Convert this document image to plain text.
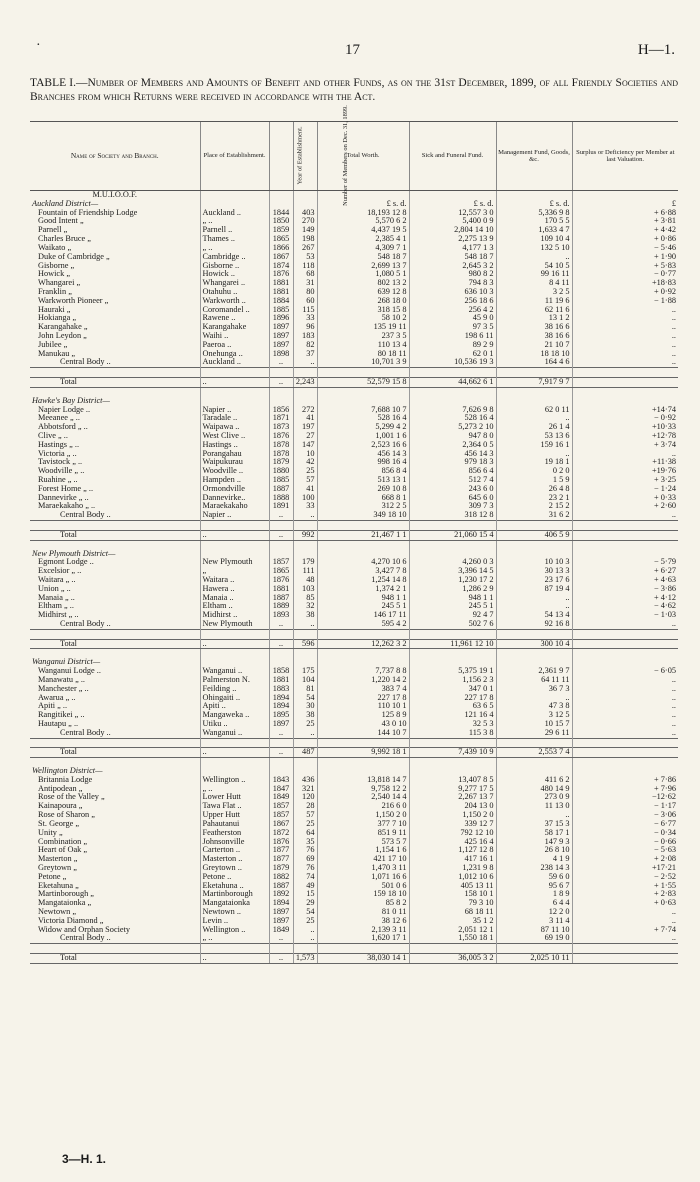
·	17	H—1.
TABLE I.—Number of Members and Amounts of Benefit and other Funds, as on the 31st December, 1899, of all Friendly Societies and Branches from which Returns were received in accordance with the Act.
Name of Society and Branch.	Place of Establishment.	Year of Establishment.	Number of Members on Dec. 31, 1899.	Total Worth.	Sick and Funeral Fund.	Management Fund, Goods, &c.	Surplus or Deficiency per Member at last Valuation.
M.U.I.O.O.F.							
Auckland District—				£ s. d.	£ s. d.	£ s. d.	£
Fountain of Friendship Lodge	Auckland ..	1844	403	18,193 12 8	12,557 3 0	5,336 9 8	+ 6·88
Good Intent „	„ ..	1850	270	5,570 6 2	5,400 0 9	170 5 5	+ 3·81
Parnell „	Parnell ..	1859	149	4,437 19 5	2,804 14 10	1,633 4 7	+ 4·42
Charles Bruce „	Thames ..	1865	198	2,385 4 1	2,275 13 9	109 10 4	+ 0·86
Waikato „	„ ..	1866	267	4,309 7 1	4,177 1 3	132 5 10	− 5·46
Duke of Cambridge „	Cambridge ..	1867	53	548 18 7	548 18 7	..	+ 1·90
Gisborne „	Gisborne ..	1874	118	2,699 13 7	2,645 3 2	54 10 5	+ 5·83
Howick „	Howick ..	1876	68	1,080 5 1	980 8 2	99 16 11	− 0·77
Whangarei „	Whangarei ..	1881	31	802 13 2	794 8 3	8 4 11	+18·83
Franklin „	Otahuhu ..	1881	80	639 12 8	636 10 3	3 2 5	+ 0·92
Warkworth Pioneer „	Warkworth ..	1884	60	268 18 0	256 18 6	11 19 6	− 1·88
Hauraki „	Coromandel ..	1885	115	318 15 8	256 4 2	62 11 6	..
Hokianga „	Rawene ..	1896	33	58 10 2	45 9 0	13 1 2	..
Karangahake „	Karangahake	1897	96	135 19 11	97 3 5	38 16 6	..
John Leydon „	Waihi ..	1897	183	237 3 5	198 6 11	38 16 6	..
Jubilee „	Paeroa ..	1897	82	110 13 4	89 2 9	21 10 7	..
Manukau „	Onehunga ..	1898	37	80 18 11	62 0 1	18 18 10	..
Central Body ..	Auckland ..	..	..	10,701 3 9	10,536 19 3	164 4 6	..

Total	..	..	2,243	52,579 15 8	44,662 6 1	7,917 9 7	

Hawke's Bay District—							
Napier Lodge ..	Napier ..	1856	272	7,688 10 7	7,626 9 8	62 0 11	+14·74
Meeanee „ ..	Taradale ..	1871	41	528 16 4	528 16 4	..	− 0·92
Abbotsford „ ..	Waipawa ..	1873	197	5,299 4 2	5,273 2 10	26 1 4	+10·33
Clive „ ..	West Clive ..	1876	27	1,001 1 6	947 8 0	53 13 6	+12·78
Hastings „ ..	Hastings ..	1878	147	2,523 16 6	2,364 0 5	159 16 1	+ 3·74
Victoria „ ..	Porangahau	1878	10	456 14 3	456 14 3	..	..
Tavistock „ ..	Waipukurau	1879	42	998 16 4	979 18 3	19 18 1	+11·38
Woodville „ ..	Woodville ..	1880	25	856 8 4	856 6 4	0 2 0	+19·76
Ruahine „ ..	Hampden ..	1885	57	513 13 1	512 7 4	1 5 9	+ 3·25
Forest Home „ ..	Ormondville	1887	41	269 10 8	243 6 0	26 4 8	− 1·24
Dannevirke „ ..	Dannevirke..	1888	100	668 8 1	645 6 0	23 2 1	+ 0·33
Maraekakaho „ ..	Maraekakaho	1891	33	312 2 5	309 7 3	2 15 2	+ 2·60
Central Body ..	Napier ..	..	..	349 18 10	318 12 8	31 6 2	..

Total	..	..	992	21,467 1 1	21,060 15 4	406 5 9	

New Plymouth District—							
Egmont Lodge ..	New Plymouth	1857	179	4,270 10 6	4,260 0 3	10 10 3	− 5·79
Excelsior „ ..	„	1865	111	3,427 7 8	3,396 14 5	30 13 3	+ 6·27
Waitara „ ..	Waitara ..	1876	48	1,254 14 8	1,230 17 2	23 17 6	+ 4·63
Union „ ..	Hawera ..	1881	103	1,374 2 1	1,286 2 9	87 19 4	− 3·86
Manaia „ ..	Manaia ..	1887	85	948 1 1	948 1 1	..	+ 4·12
Eltham „ ..	Eltham ..	1889	32	245 5 1	245 5 1	..	− 4·62
Midhirst „ ..	Midhirst ..	1893	38	146 17 11	92 4 7	54 13 4	− 1·03
Central Body ..	New Plymouth	..	..	595 4 2	502 7 6	92 16 8	..

Total	..	..	596	12,262 3 2	11,961 12 10	300 10 4	

Wanganui District—							
Wanganui Lodge ..	Wanganui ..	1858	175	7,737 8 8	5,375 19 1	2,361 9 7	− 6·05
Manawatu „ ..	Palmerston N.	1881	104	1,220 14 2	1,156 2 3	64 11 11	..
Manchester „ ..	Feilding ..	1883	81	383 7 4	347 0 1	36 7 3	..
Awarua „ ..	Ohingaiti ..	1894	54	227 17 8	227 17 8	..	..
Apiti „ ..	Apiti ..	1894	30	110 10 1	63 6 5	47 3 8	..
Rangitikei „ ..	Mangaweka ..	1895	38	125 8 9	121 16 4	3 12 5	..
Hautapu „ ..	Utiku ..	1897	25	43 0 10	32 5 3	10 15 7	..
Central Body ..	Wanganui ..	..	..	144 10 7	115 3 8	29 6 11	..

Total	..	..	487	9,992 18 1	7,439 10 9	2,553 7 4	

Wellington District—							
Britannia Lodge	Wellington ..	1843	436	13,818 14 7	13,407 8 5	411 6 2	+ 7·86
Antipodean „	„ ..	1847	321	9,758 12 2	9,277 17 5	480 14 9	+ 7·96
Rose of the Valley „	Lower Hutt	1849	120	2,540 14 4	2,267 13 7	273 0 9	−12·62
Kainapoura „	Tawa Flat ..	1857	28	216 6 0	204 13 0	11 13 0	− 1·17
Rose of Sharon „	Upper Hutt	1857	57	1,150 2 0	1,150 2 0	..	− 3·06
St. George „	Pahautanui	1867	25	377 7 10	339 12 7	37 15 3	− 6·77
Unity „	Featherston	1872	64	851 9 11	792 12 10	58 17 1	− 0·34
Combination „	Johnsonville	1876	35	573 5 7	425 16 4	147 9 3	− 0·66
Heart of Oak „	Carterton ..	1877	76	1,154 1 6	1,127 12 8	26 8 10	− 5·63
Masterton „	Masterton ..	1877	69	421 17 10	417 16 1	4 1 9	+ 2·08
Greytown „	Greytown ..	1879	76	1,470 3 11	1,231 9 8	238 14 3	+17·21
Petone „	Petone ..	1882	74	1,071 16 6	1,012 10 6	59 6 0	− 2·52
Eketahuna „	Eketahuna ..	1887	49	501 0 6	405 13 11	95 6 7	+ 1·55
Martinborough „	Martinborough	1892	15	159 18 10	158 10 1	1 8 9	+ 2·83
Mangataionka „	Mangataionka	1894	29	85 8 2	79 3 10	6 4 4	+ 0·63
Newtown „	Newtown ..	1897	54	81 0 11	68 18 11	12 2 0	..
Victoria Diamond „	Levin ..	1897	25	38 12 6	35 1 2	3 11 4	..
Widow and Orphan Society	Wellington ..	1849	..	2,139 3 11	2,051 12 1	87 11 10	+ 7·74
Central Body ..	„ ..	..	..	1,620 17 1	1,550 18 1	69 19 0	..

Total	..	..	1,573	38,030 14 1	36,005 3 2	2,025 10 11	
3—H. 1.
